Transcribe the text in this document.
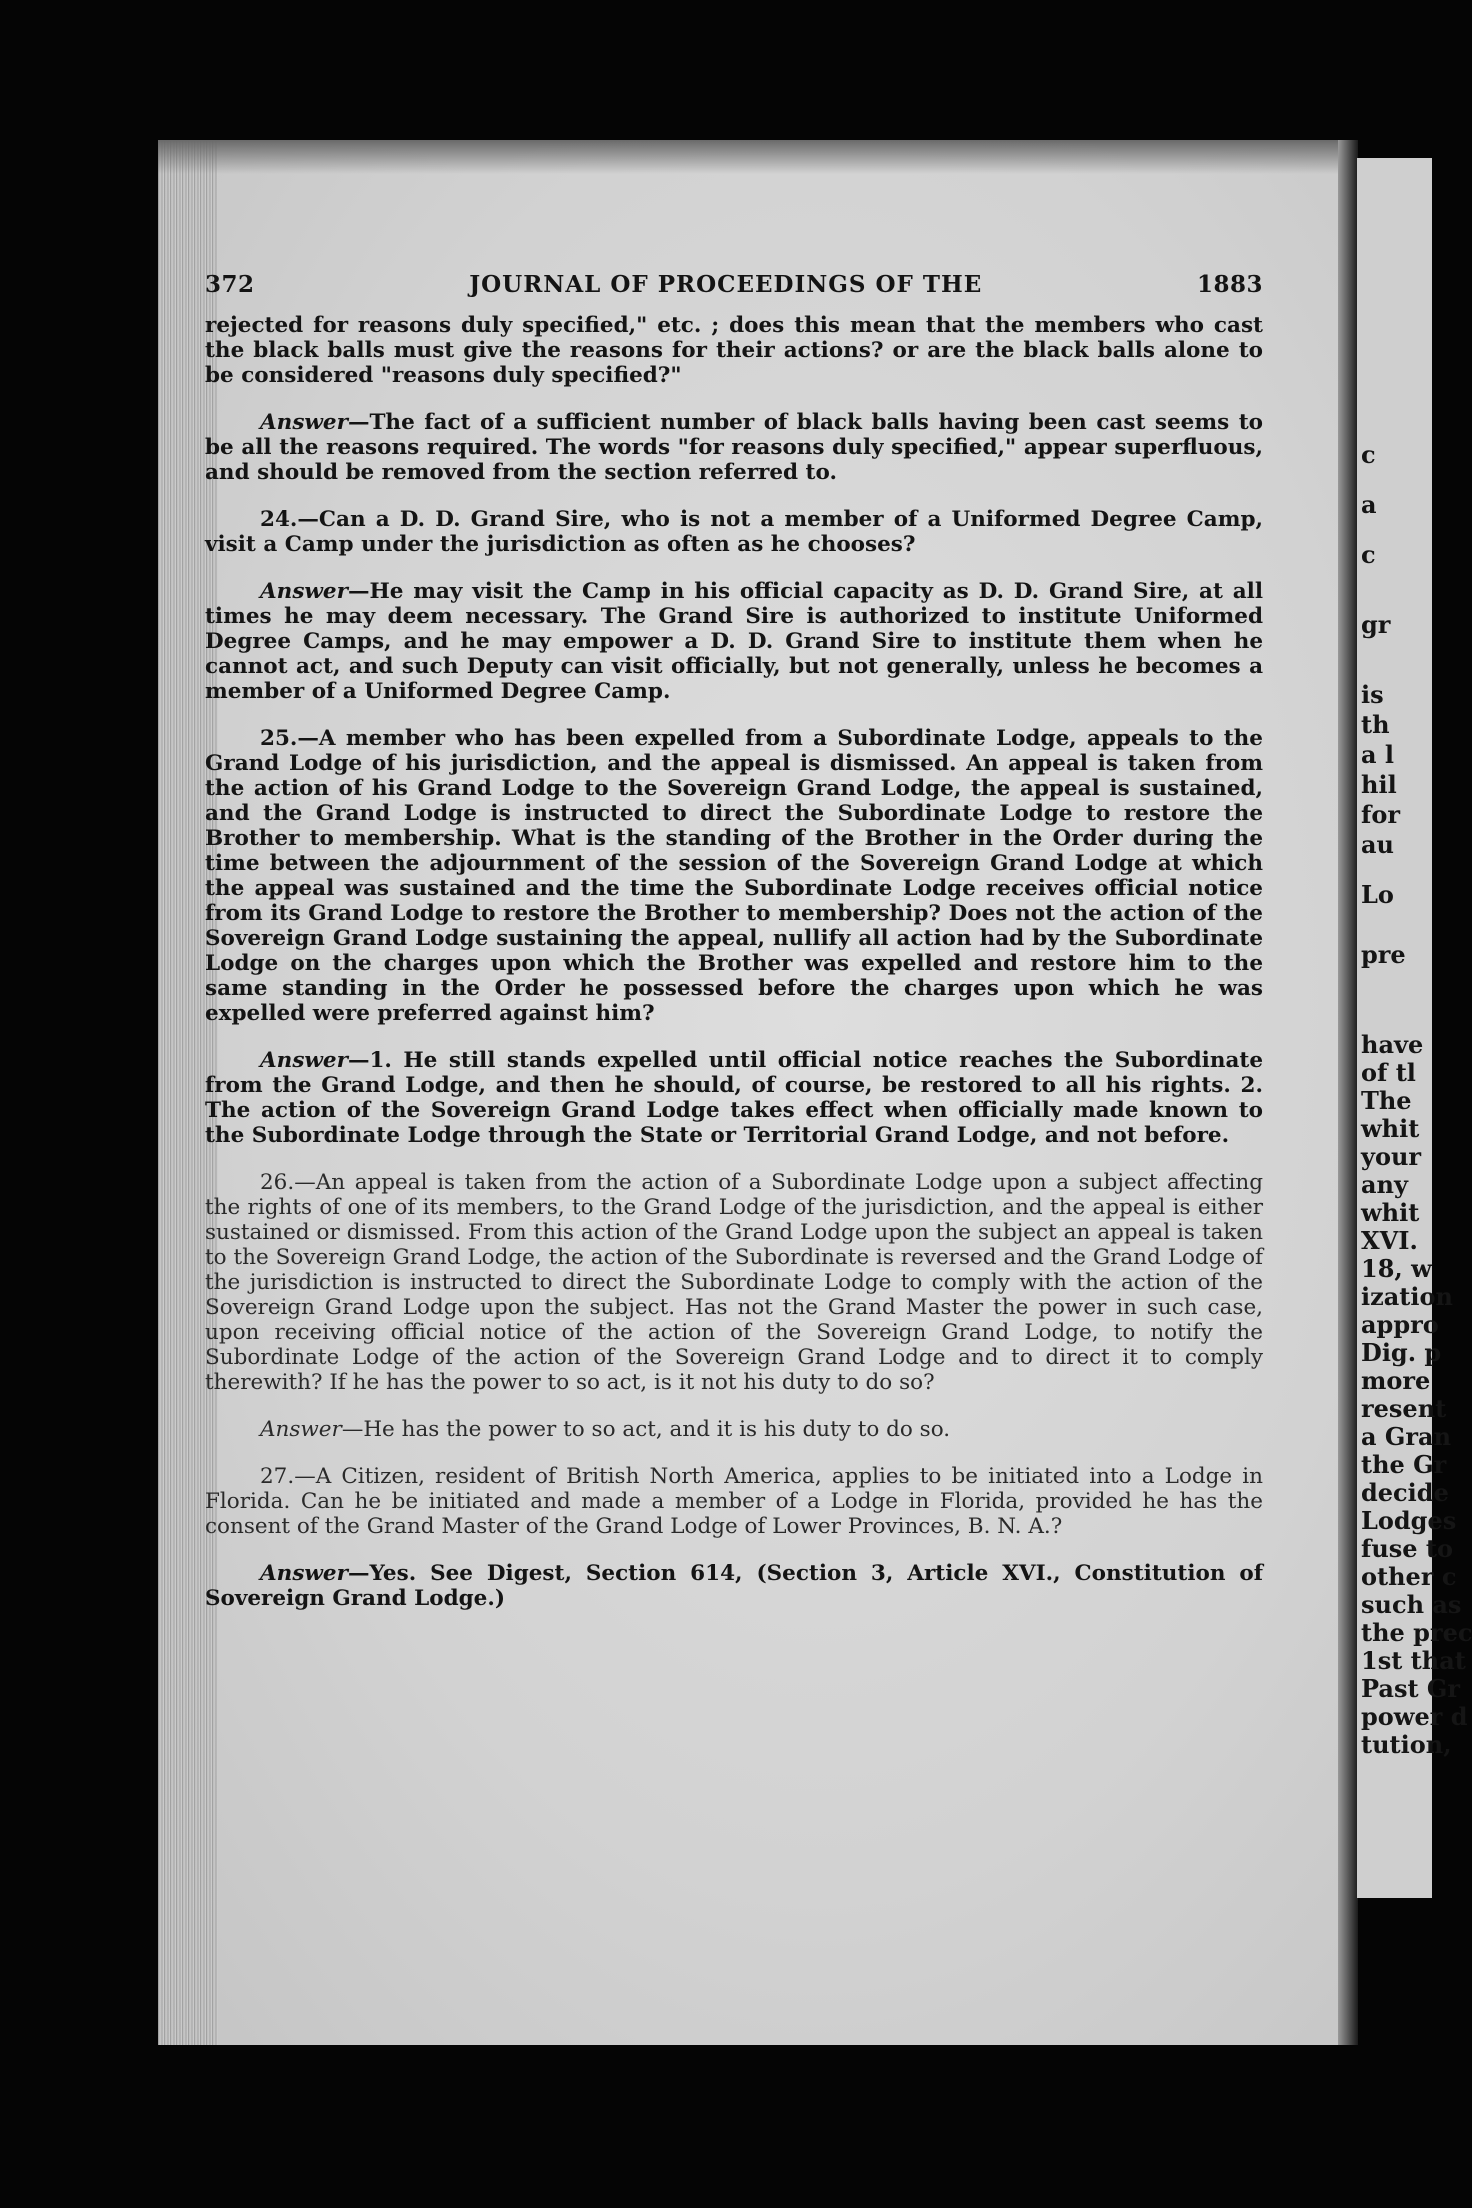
c
a
c
gr
is
th
a l
hil
for
au
Lo
pre
have
of tl
The
whit
your
any
whit
XVI.
18, w
ization
appro
Dig. p
more
resent
a Gran
the Gr
decide
Lodges
fuse to
other c
such as
the prec
1st that
Past Gr
power d
tution,
372	JOURNAL OF PROCEEDINGS OF THE	1883

rejected for reasons duly specified," etc. ; does this mean that the members who cast the black balls must give the reasons for their actions? or are the black balls alone to be considered "reasons duly specified?"

Answer—The fact of a sufficient number of black balls having been cast seems to be all the reasons required. The words "for reasons duly specified," appear superfluous, and should be removed from the section referred to.

24.—Can a D. D. Grand Sire, who is not a member of a Uniformed Degree Camp, visit a Camp under the jurisdiction as often as he chooses?

Answer—He may visit the Camp in his official capacity as D. D. Grand Sire, at all times he may deem necessary. The Grand Sire is authorized to institute Uniformed Degree Camps, and he may empower a D. D. Grand Sire to institute them when he cannot act, and such Deputy can visit officially, but not generally, unless he becomes a member of a Uniformed Degree Camp.

25.—A member who has been expelled from a Subordinate Lodge, appeals to the Grand Lodge of his jurisdiction, and the appeal is dismissed. An appeal is taken from the action of his Grand Lodge to the Sovereign Grand Lodge, the appeal is sustained, and the Grand Lodge is instructed to direct the Subordinate Lodge to restore the Brother to membership. What is the standing of the Brother in the Order during the time between the adjournment of the session of the Sovereign Grand Lodge at which the appeal was sustained and the time the Subordinate Lodge receives official notice from its Grand Lodge to restore the Brother to membership? Does not the action of the Sovereign Grand Lodge sustaining the appeal, nullify all action had by the Subordinate Lodge on the charges upon which the Brother was expelled and restore him to the same standing in the Order he possessed before the charges upon which he was expelled were preferred against him?

Answer—1. He still stands expelled until official notice reaches the Subordinate from the Grand Lodge, and then he should, of course, be restored to all his rights. 2. The action of the Sovereign Grand Lodge takes effect when officially made known to the Subordinate Lodge through the State or Territorial Grand Lodge, and not before.

26.—An appeal is taken from the action of a Subordinate Lodge upon a subject affecting the rights of one of its members, to the Grand Lodge of the jurisdiction, and the appeal is either sustained or dismissed. From this action of the Grand Lodge upon the subject an appeal is taken to the Sovereign Grand Lodge, the action of the Subordinate is reversed and the Grand Lodge of the jurisdiction is instructed to direct the Subordinate Lodge to comply with the action of the Sovereign Grand Lodge upon the subject. Has not the Grand Master the power in such case, upon receiving official notice of the action of the Sovereign Grand Lodge, to notify the Subordinate Lodge of the action of the Sovereign Grand Lodge and to direct it to comply therewith? If he has the power to so act, is it not his duty to do so?

Answer—He has the power to so act, and it is his duty to do so.

27.—A Citizen, resident of British North America, applies to be initiated into a Lodge in Florida. Can he be initiated and made a member of a Lodge in Florida, provided he has the consent of the Grand Master of the Grand Lodge of Lower Provinces, B. N. A.?

Answer—Yes. See Digest, Section 614, (Section 3, Article XVI., Constitution of Sovereign Grand Lodge.)
